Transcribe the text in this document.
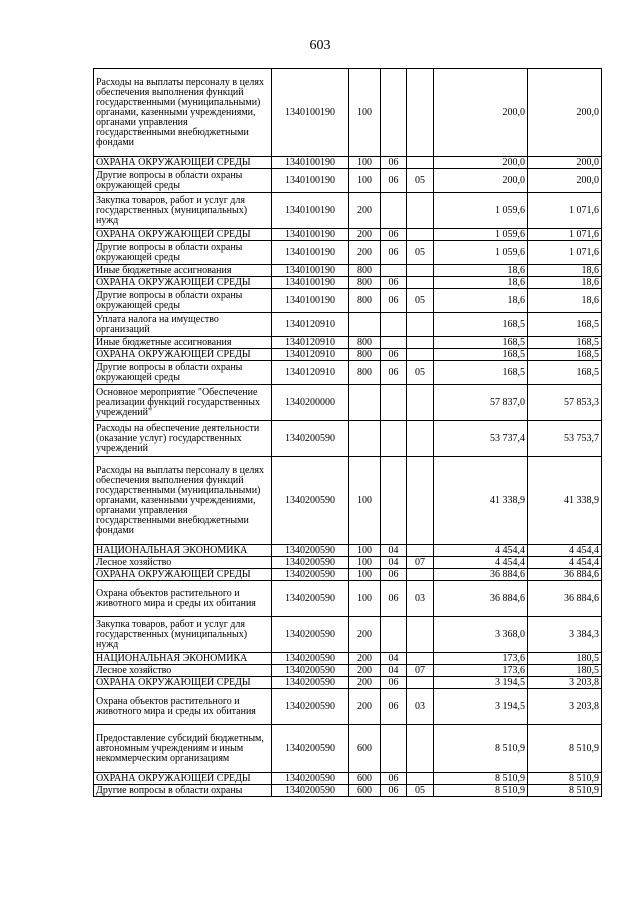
603
Расходы на выплаты персоналу в целях обеспечения выполнения функций государственными (муниципальными) органами, казенными учреждениями, органами управления государственными внебюджетными фондами	1340100190	100			200,0	200,0
ОХРАНА ОКРУЖАЮЩЕЙ СРЕДЫ	1340100190	100	06		200,0	200,0
Другие вопросы в области охраны окружающей среды	1340100190	100	06	05	200,0	200,0
Закупка товаров, работ и услуг для государственных (муниципальных) нужд	1340100190	200			1 059,6	1 071,6
ОХРАНА ОКРУЖАЮЩЕЙ СРЕДЫ	1340100190	200	06		1 059,6	1 071,6
Другие вопросы в области охраны окружающей среды	1340100190	200	06	05	1 059,6	1 071,6
Иные бюджетные ассигнования	1340100190	800			18,6	18,6
ОХРАНА ОКРУЖАЮЩЕЙ СРЕДЫ	1340100190	800	06		18,6	18,6
Другие вопросы в области охраны окружающей среды	1340100190	800	06	05	18,6	18,6
Уплата налога на имущество организаций	1340120910				168,5	168,5
Иные бюджетные ассигнования	1340120910	800			168,5	168,5
ОХРАНА ОКРУЖАЮЩЕЙ СРЕДЫ	1340120910	800	06		168,5	168,5
Другие вопросы в области охраны окружающей среды	1340120910	800	06	05	168,5	168,5
Основное мероприятие "Обеспечение реализации функций государственных учреждений"	1340200000				57 837,0	57 853,3
Расходы на обеспечение деятельности (оказание услуг) государственных учреждений	1340200590				53 737,4	53 753,7
Расходы на выплаты персоналу в целях обеспечения выполнения функций государственными (муниципальными) органами, казенными учреждениями, органами управления государственными внебюджетными фондами	1340200590	100			41 338,9	41 338,9
НАЦИОНАЛЬНАЯ ЭКОНОМИКА	1340200590	100	04		4 454,4	4 454,4
Лесное хозяйство	1340200590	100	04	07	4 454,4	4 454,4
ОХРАНА ОКРУЖАЮЩЕЙ СРЕДЫ	1340200590	100	06		36 884,6	36 884,6
Охрана объектов растительного и животного мира и среды их обитания	1340200590	100	06	03	36 884,6	36 884,6
Закупка товаров, работ и услуг для государственных (муниципальных) нужд	1340200590	200			3 368,0	3 384,3
НАЦИОНАЛЬНАЯ ЭКОНОМИКА	1340200590	200	04		173,6	180,5
Лесное хозяйство	1340200590	200	04	07	173,6	180,5
ОХРАНА ОКРУЖАЮЩЕЙ СРЕДЫ	1340200590	200	06		3 194,5	3 203,8
Охрана объектов растительного и животного мира и среды их обитания	1340200590	200	06	03	3 194,5	3 203,8
Предоставление субсидий бюджетным, автономным учреждениям и иным некоммерческим организациям	1340200590	600			8 510,9	8 510,9
ОХРАНА ОКРУЖАЮЩЕЙ СРЕДЫ	1340200590	600	06		8 510,9	8 510,9
Другие вопросы в области охраны	1340200590	600	06	05	8 510,9	8 510,9
